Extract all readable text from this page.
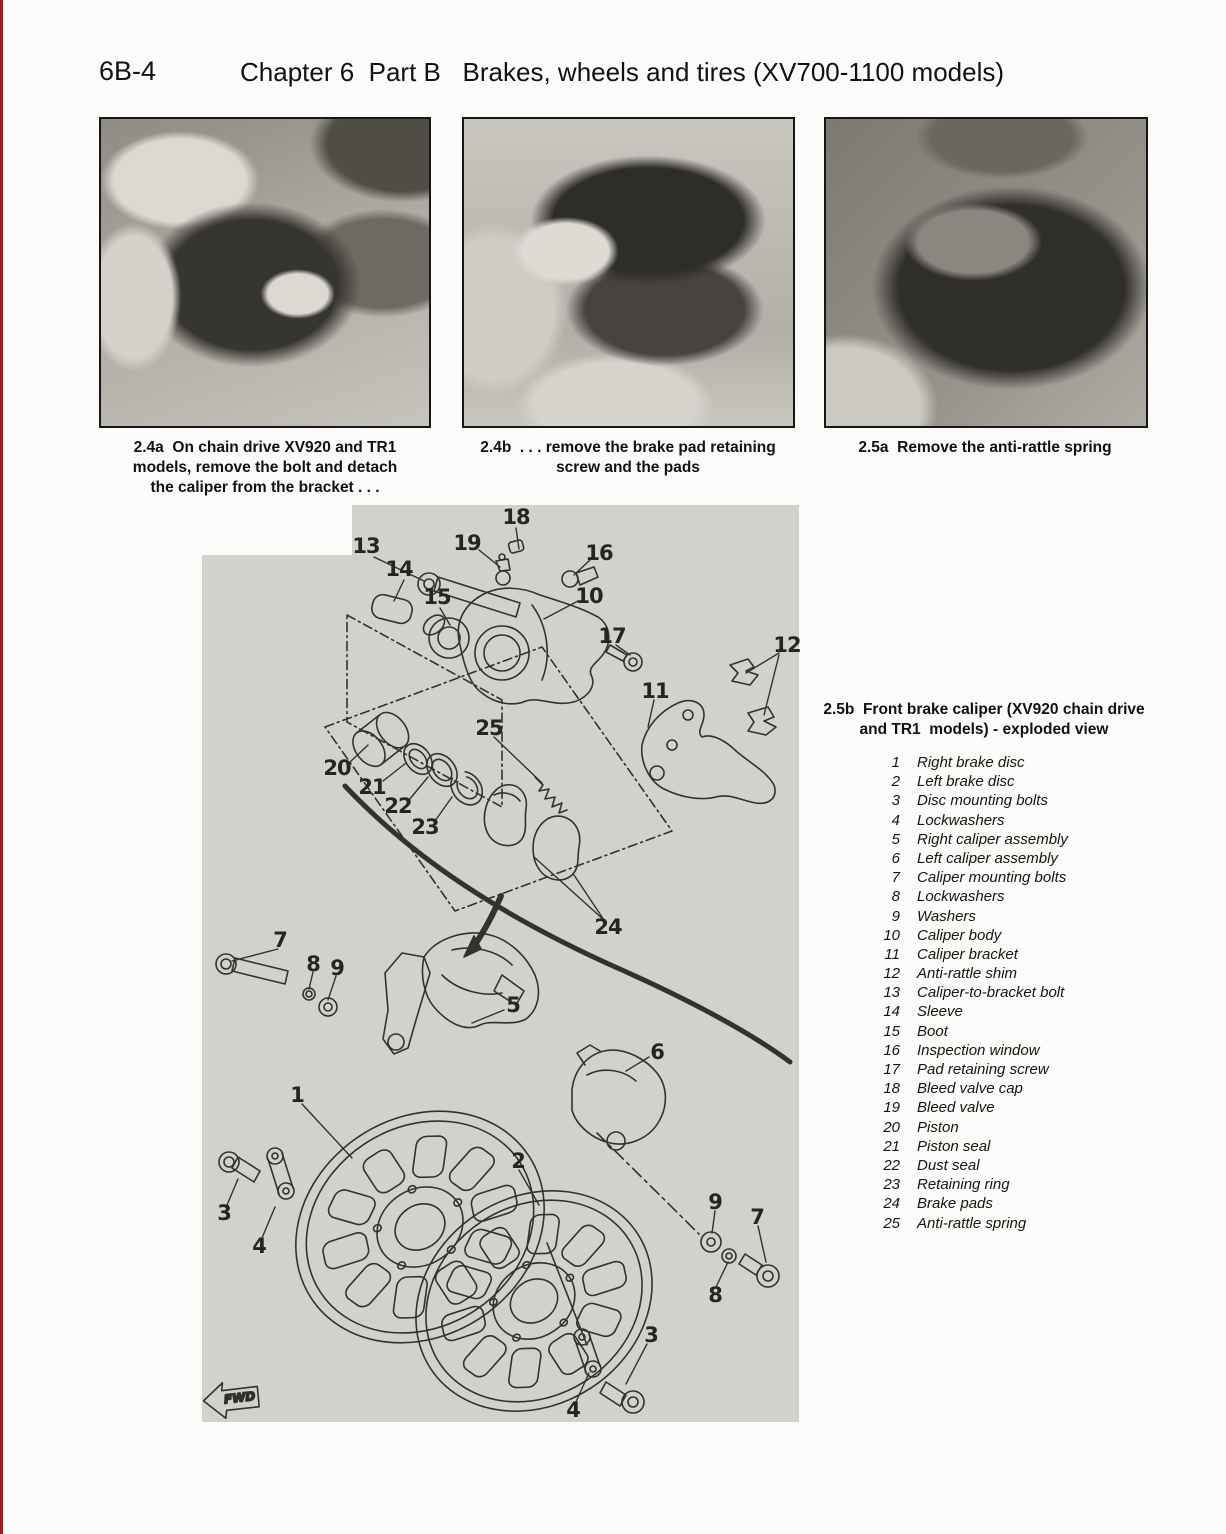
6B-4	Chapter 6  Part B   Brakes, wheels and tires (XV700-1100 models)
2.4a  On chain drive XV920 and TR1
models, remove the bolt and detach
the caliper from the bracket . . .
2.4b  . . . remove the brake pad retaining
screw and the pads
2.5a  Remove the anti-rattle spring
FWD
18
19
13
14
15
16
10
17	12
11
25
20
21
22
23
24
7
8 9
5
6
1
2
9
7
8
3
4
3
4
2.5b  Front brake caliper (XV920 chain drive
and TR1  models) - exploded view
1 Right brake disc
2 Left brake disc
3 Disc mounting bolts
4 Lockwashers
5 Right caliper assembly
6 Left caliper assembly
7 Caliper mounting bolts
8 Lockwashers
9 Washers
10 Caliper body
11 Caliper bracket
12 Anti-rattle shim
13 Caliper-to-bracket bolt
14 Sleeve
15 Boot
16 Inspection window
17 Pad retaining screw
18 Bleed valve cap
19 Bleed valve
20 Piston
21 Piston seal
22 Dust seal
23 Retaining ring
24 Brake pads
25 Anti-rattle spring
